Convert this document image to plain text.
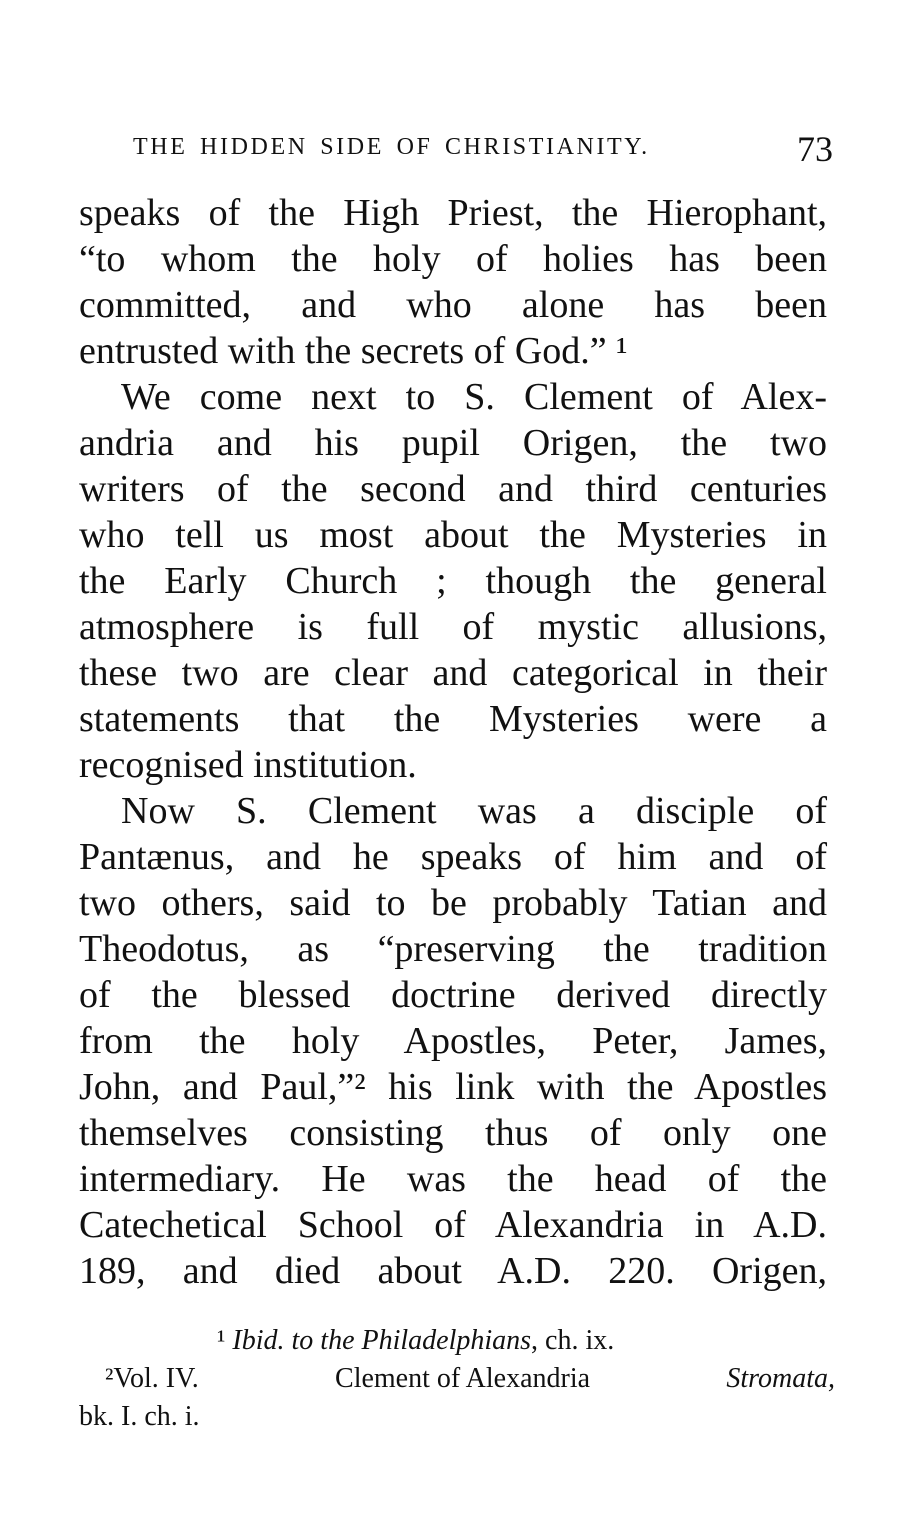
THE HIDDEN SIDE OF CHRISTIANITY.	73
speaks of the High Priest, the Hierophant,
“to whom the holy of holies has been
committed, and who alone has been
entrusted with the secrets of God.” ¹
We come next to S. Clement of Alex-
andria and his pupil Origen, the two
writers of the second and third centuries
who tell us most about the Mysteries in
the Early Church ; though the general
atmosphere is full of mystic allusions,
these two are clear and categorical in their
statements that the Mysteries were a
recognised institution.
Now S. Clement was a disciple of
Pantænus, and he speaks of him and of
two others, said to be probably Tatian and
Theodotus, as “preserving the tradition
of the blessed doctrine derived directly
from the holy Apostles, Peter, James,
John, and Paul,”² his link with the Apostles
themselves consisting thus of only one
intermediary. He was the head of the
Catechetical School of Alexandria in A.D.
189, and died about A.D. 220. Origen,
¹ Ibid. to the Philadelphians, ch. ix.
²Vol. IV.	Clement of Alexandria	Stromata,
bk. I. ch. i.
